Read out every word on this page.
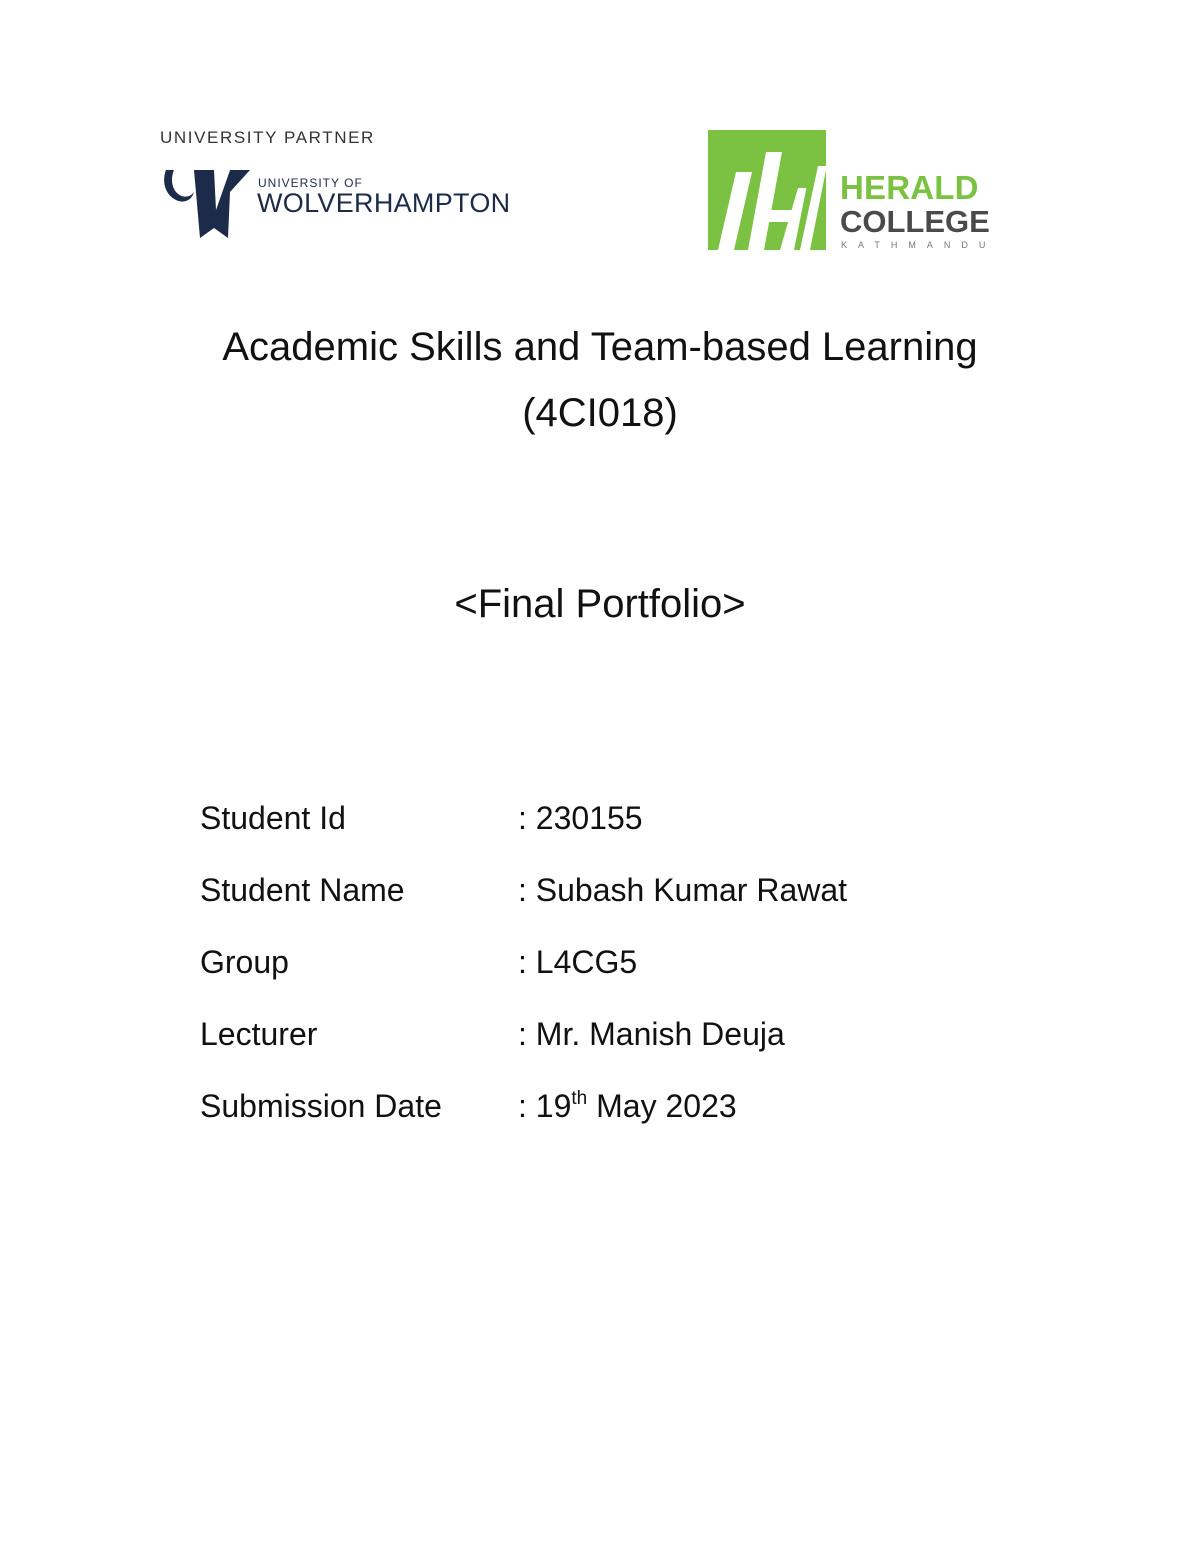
UNIVERSITY PARTNER
UNIVERSITY OF
WOLVERHAMPTON	HERALD
COLLEGE
KATHMANDU
Academic Skills and Team-based Learning
(4CI018)
<Final Portfolio>
Student Id	: 230155
Student Name	: Subash Kumar Rawat
Group	: L4CG5
Lecturer	: Mr. Manish Deuja
Submission Date : 19th May 2023
